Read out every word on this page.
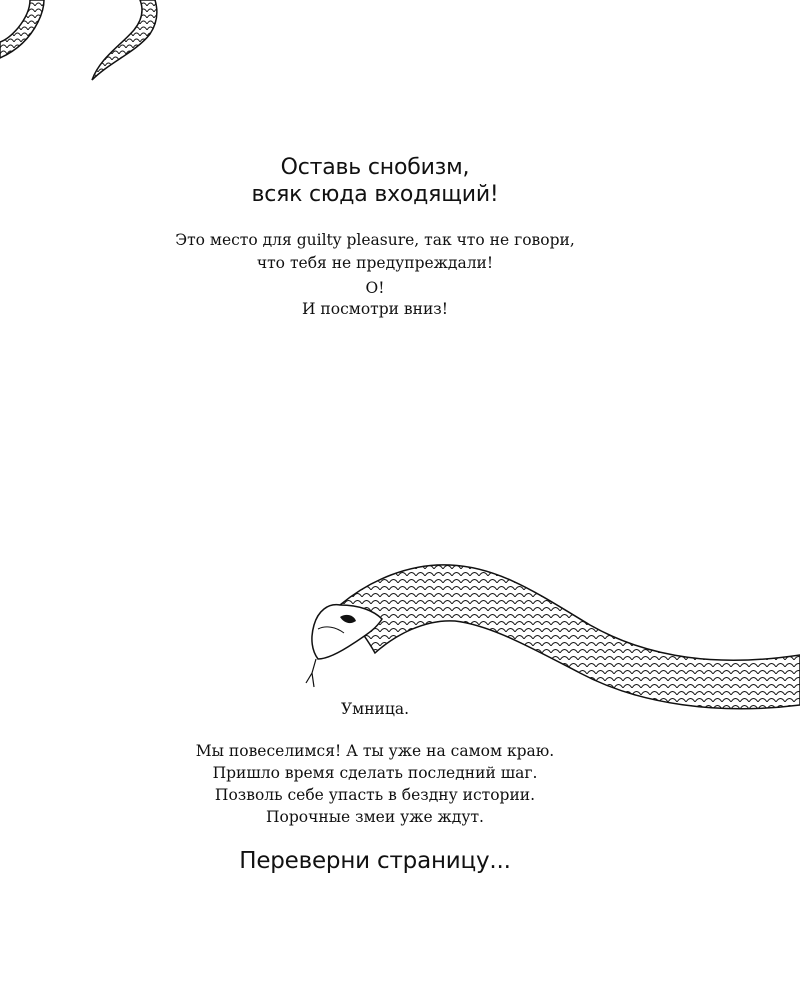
Оставь снобизм,
всяк сюда входящий!

Это место для guilty pleasure, так что не говори,
что тебя не предупреждали!

О!

И посмотри вниз!

Умница.

Мы повеселимся! А ты уже на самом краю.
Пришло время сделать последний шаг.
Позволь себе упасть в бездну истории.
Порочные змеи уже ждут.

Переверни страницу...
